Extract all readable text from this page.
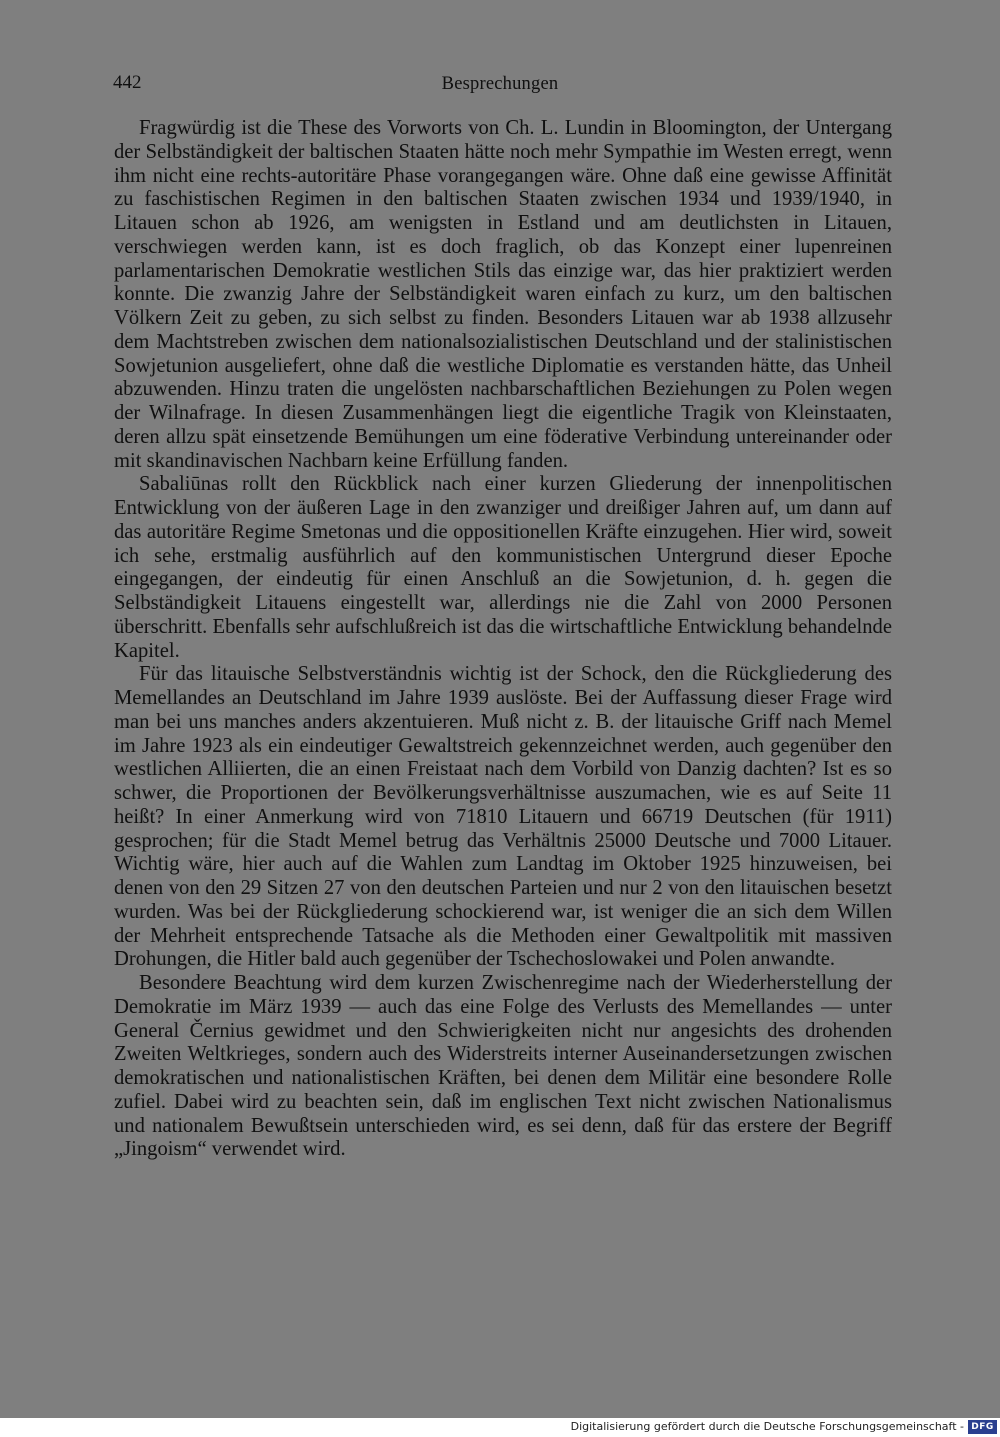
442	Besprechungen

Fragwürdig ist die These des Vorworts von Ch. L. Lundin in Bloomington, der Untergang der Selbständigkeit der baltischen Staaten hätte noch mehr Sympathie im Westen erregt, wenn ihm nicht eine rechts-autoritäre Phase vorangegangen wäre. Ohne daß eine gewisse Affinität zu faschistischen Regimen in den baltischen Staaten zwischen 1934 und 1939/1940, in Litauen schon ab 1926, am wenigsten in Estland und am deutlichsten in Litauen, verschwiegen werden kann, ist es doch fraglich, ob das Konzept einer lupenreinen parlamentarischen Demokratie westlichen Stils das einzige war, das hier praktiziert werden konnte. Die zwanzig Jahre der Selbständigkeit waren einfach zu kurz, um den baltischen Völkern Zeit zu geben, zu sich selbst zu finden. Besonders Litauen war ab 1938 allzusehr dem Machtstreben zwischen dem nationalsozialistischen Deutschland und der stalinistischen Sowjetunion ausgeliefert, ohne daß die westliche Diplomatie es verstanden hätte, das Unheil abzuwenden. Hinzu traten die ungelösten nachbarschaftlichen Beziehungen zu Polen wegen der Wilnafrage. In diesen Zusammenhängen liegt die eigentliche Tragik von Kleinstaaten, deren allzu spät einsetzende Bemühungen um eine föderative Verbindung untereinander oder mit skandinavischen Nachbarn keine Erfüllung fanden.

Sabaliūnas rollt den Rückblick nach einer kurzen Gliederung der innenpolitischen Entwicklung von der äußeren Lage in den zwanziger und dreißiger Jahren auf, um dann auf das autoritäre Regime Smetonas und die oppositionellen Kräfte einzugehen. Hier wird, soweit ich sehe, erstmalig ausführlich auf den kommunistischen Untergrund dieser Epoche eingegangen, der eindeutig für einen Anschluß an die Sowjetunion, d. h. gegen die Selbständigkeit Litauens eingestellt war, allerdings nie die Zahl von 2000 Personen überschritt. Ebenfalls sehr aufschlußreich ist das die wirtschaftliche Entwicklung behandelnde Kapitel.

Für das litauische Selbstverständnis wichtig ist der Schock, den die Rückgliederung des Memellandes an Deutschland im Jahre 1939 auslöste. Bei der Auffassung dieser Frage wird man bei uns manches anders akzentuieren. Muß nicht z. B. der litauische Griff nach Memel im Jahre 1923 als ein eindeutiger Gewaltstreich gekennzeichnet werden, auch gegenüber den westlichen Alliierten, die an einen Freistaat nach dem Vorbild von Danzig dachten? Ist es so schwer, die Proportionen der Bevölkerungsverhältnisse auszumachen, wie es auf Seite 11 heißt? In einer Anmerkung wird von 71810 Litauern und 66719 Deutschen (für 1911) gesprochen; für die Stadt Memel betrug das Verhältnis 25000 Deutsche und 7000 Litauer. Wichtig wäre, hier auch auf die Wahlen zum Landtag im Oktober 1925 hinzuweisen, bei denen von den 29 Sitzen 27 von den deutschen Parteien und nur 2 von den litauischen besetzt wurden. Was bei der Rückgliederung schockierend war, ist weniger die an sich dem Willen der Mehrheit entsprechende Tatsache als die Methoden einer Gewaltpolitik mit massiven Drohungen, die Hitler bald auch gegenüber der Tschechoslowakei und Polen anwandte.

Besondere Beachtung wird dem kurzen Zwischenregime nach der Wiederherstellung der Demokratie im März 1939 — auch das eine Folge des Verlusts des Memellandes — unter General Černius gewidmet und den Schwierigkeiten nicht nur angesichts des drohenden Zweiten Weltkrieges, sondern auch des Widerstreits interner Auseinandersetzungen zwischen demokratischen und nationalistischen Kräften, bei denen dem Militär eine besondere Rolle zufiel. Dabei wird zu beachten sein, daß im englischen Text nicht zwischen Nationalismus und nationalem Bewußtsein unterschieden wird, es sei denn, daß für das erstere der Begriff „Jingoism“ verwendet wird.

Digitalisierung gefördert durch die Deutsche Forschungsgemeinschaft - DFG
